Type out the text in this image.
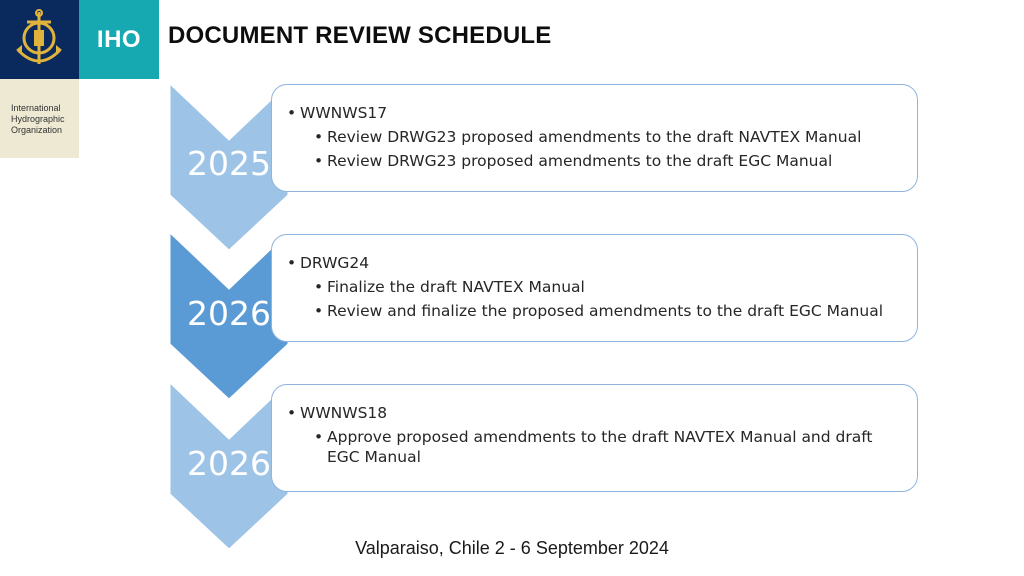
IHO
International
Hydrographic
Organization
DOCUMENT REVIEW SCHEDULE
• WWNWS17
• Review DRWG23 proposed amendments to the draft NAVTEX Manual
• Review DRWG23 proposed amendments to the draft EGC Manual
• DRWG24
• Finalize the draft NAVTEX Manual
• Review and finalize the proposed amendments to the draft EGC Manual
• WWNWS18
• Approve proposed amendments to the draft NAVTEX Manual and draft EGC Manual
2025
2026
2026
Valparaiso, Chile 2 - 6 September 2024
